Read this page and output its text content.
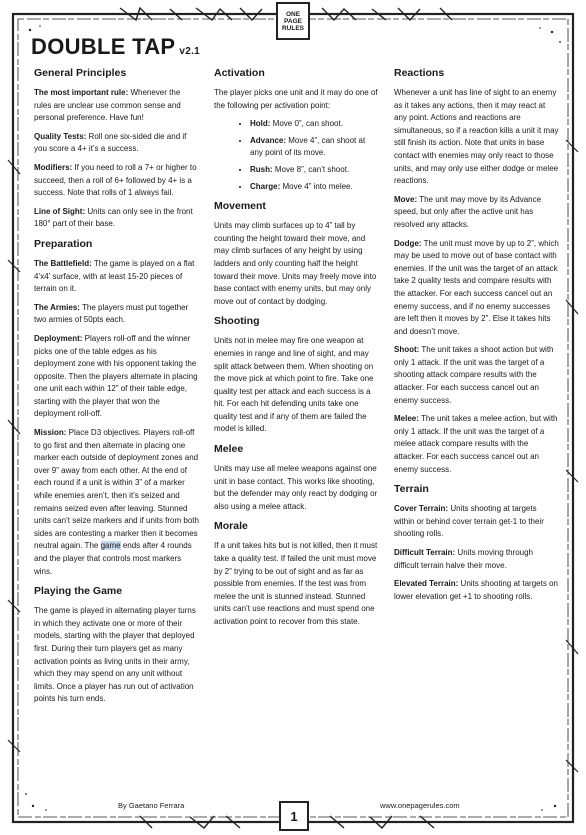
ONE
PAGE
RULES
DOUBLE TAP v2.1
General Principles

The most important rule: Whenever the rules are unclear use common sense and personal preference. Have fun!

Quality Tests: Roll one six-sided die and if you score a 4+ it’s a success.

Modifiers: If you need to roll a 7+ or higher to succeed, then a roll of 6+ followed by 4+ is a success. Note that rolls of 1 always fail.

Line of Sight: Units can only see in the front 180° part of their base.

Preparation

The Battlefield: The game is played on a flat 4’x4’ surface, with at least 15-20 pieces of terrain on it.

The Armies: The players must put together two armies of 50pts each.

Deployment: Players roll-off and the winner picks one of the table edges as his deployment zone with his opponent taking the opposite. Then the players alternate in placing one unit each within 12” of their table edge, starting with the player that won the deployment roll-off.

Mission: Place D3 objectives. Players roll-off to go first and then alternate in placing one marker each outside of deployment zones and over 9” away from each other. At the end of each round if a unit is within 3” of a marker while enemies aren’t, then it’s seized and remains seized even after leaving. Stunned units can’t seize markers and if units from both sides are contesting a marker then it becomes neutral again. The game ends after 4 rounds and the player that controls most markers wins.

Playing the Game

The game is played in alternating player turns in which they activate one or more of their models, starting with the player that deployed first. During their turn players get as many activation points as living units in their army, which they may spend on any unit without limits. Once a player has run out of activation points his turn ends.

Activation

The player picks one unit and it may do one of the following per activation point:

• Hold: Move 0”, can shoot.
• Advance: Move 4”, can shoot at any point of its move.
• Rush: Move 8”, can’t shoot.
• Charge: Move 4” into melee.
Movement

Units may climb surfaces up to 4” tall by counting the height toward their move, and may climb surfaces of any height by using ladders and only counting half the height toward their move. Units may freely move into base contact with enemy units, but may only move out of contact by dodging.

Shooting

Units not in melee may fire one weapon at enemies in range and line of sight, and may split attack between them. When shooting on the move pick at which point to fire. Take one quality test per attack and each success is a hit. For each hit defending units take one quality test and if any of them are failed the model is killed.

Melee

Units may use all melee weapons against one unit in base contact. This works like shooting, but the defender may only react by dodging or also using a melee attack.

Morale

If a unit takes hits but is not killed, then it must take a quality test. If failed the unit must move by 2” trying to be out of sight and as far as possible from enemies. If the test was from melee the unit is stunned instead. Stunned units can’t use reactions and must spend one activation point to recover from this state.

Reactions

Whenever a unit has line of sight to an enemy as it takes any actions, then it may react at any point. Actions and reactions are simultaneous, so if a reaction kills a unit it may still finish its action. Note that units in base contact with enemies may only react to those units, and may only use either dodge or melee reactions.

Move: The unit may move by its Advance speed, but only after the active unit has resolved any attacks.

Dodge: The unit must move by up to 2”, which may be used to move out of base contact with enemies. If the unit was the target of an attack take 2 quality tests and compare results with the attacker. For each success cancel out an enemy success, and if no enemy successes are left then it moves by 2”. Else it takes hits and doesn’t move.

Shoot: The unit takes a shoot action but with only 1 attack. If the unit was the target of a shooting attack compare results with the attacker. For each success cancel out an enemy success.

Melee: The unit takes a melee action, but with only 1 attack. If the unit was the target of a melee attack compare results with the attacker. For each success cancel out an enemy success.

Terrain

Cover Terrain: Units shooting at targets within or behind cover terrain get-1 to their shooting rolls.

Difficult Terrain: Units moving through difficult terrain halve their move.

Elevated Terrain: Units shooting at targets on lower elevation get +1 to shooting rolls.

By Gaetano Ferrara
1
www.onepagerules.com
